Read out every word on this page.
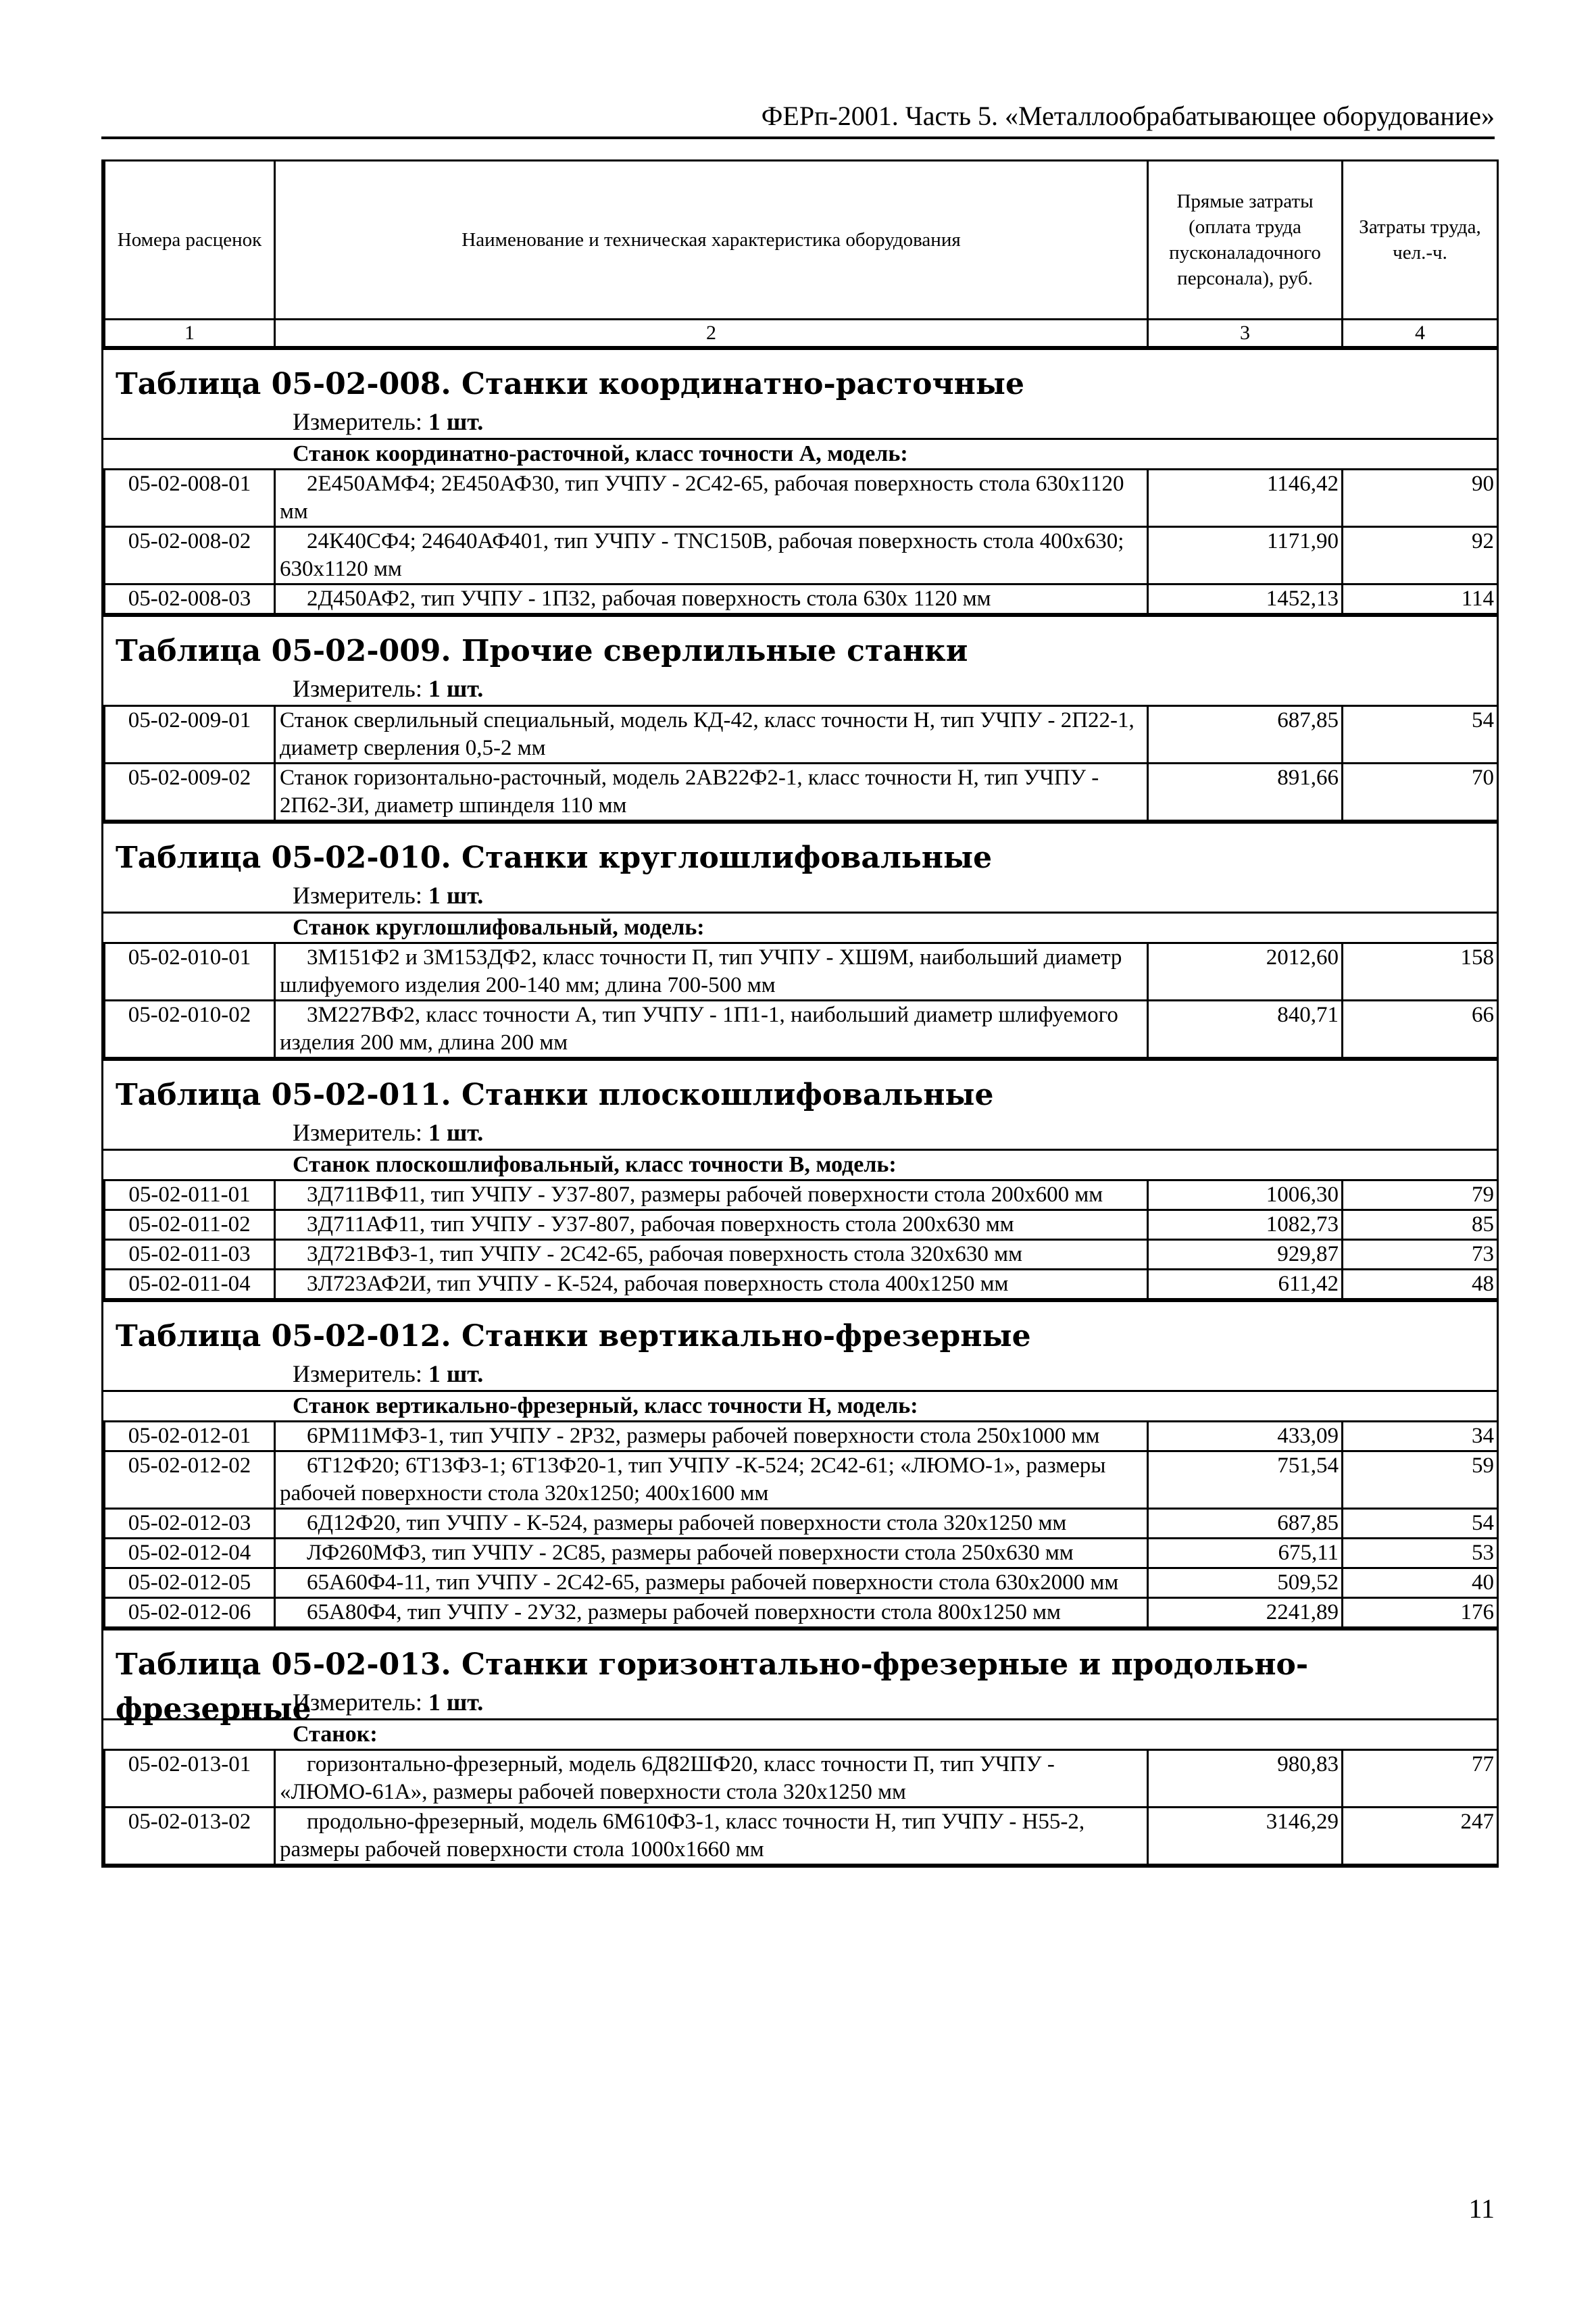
ФЕРп-2001. Часть 5. «Металлообрабатывающее оборудование»
Номера расценок	Наименование и техническая характеристика оборудования	Прямые затраты (оплата труда пусконаладочного персонала), руб.	Затраты труда, чел.-ч.
1	2	3	4
Таблица 05-02-008. Станки координатно-расточные
Измеритель: 1 шт.
Станок координатно-расточной, класс точности А, модель:
05-02-008-01	2Е450АМФ4; 2Е450АФ30, тип УЧПУ - 2С42-65, рабочая поверхность стола 630х1120 мм	1146,42	90
05-02-008-02	24К40СФ4; 24640АФ401, тип УЧПУ - TNC150B, рабочая поверхность стола 400х630; 630х1120 мм	1171,90	92
05-02-008-03	2Д450АФ2, тип УЧПУ - 1П32, рабочая поверхность стола 630х 1120 мм	1452,13	114
Таблица 05-02-009. Прочие сверлильные станки
Измеритель: 1 шт.
05-02-009-01	Станок сверлильный специальный, модель КД-42, класс точности Н, тип УЧПУ - 2П22-1, диаметр сверления 0,5-2 мм	687,85	54
05-02-009-02	Станок горизонтально-расточный, модель 2АВ22Ф2-1, класс точности Н, тип УЧПУ - 2П62-3И, диаметр шпинделя 110 мм	891,66	70
Таблица 05-02-010. Станки круглошлифовальные
Измеритель: 1 шт.
Станок круглошлифовальный, модель:
05-02-010-01	3М151Ф2 и 3М153ДФ2, класс точности П, тип УЧПУ - ХШ9М, наибольший диаметр шлифуемого изделия 200-140 мм; длина 700-500 мм	2012,60	158
05-02-010-02	3М227ВФ2, класс точности А, тип УЧПУ - 1П1-1, наибольший диаметр шлифуемого изделия 200 мм, длина 200 мм	840,71	66
Таблица 05-02-011. Станки плоскошлифовальные
Измеритель: 1 шт.
Станок плоскошлифовальный, класс точности В, модель:
05-02-011-01	3Д711ВФ11, тип УЧПУ - У37-807, размеры рабочей поверхности стола 200х600 мм	1006,30	79
05-02-011-02	3Д711АФ11, тип УЧПУ - У37-807, рабочая поверхность стола 200х630 мм	1082,73	85
05-02-011-03	3Д721ВФ3-1, тип УЧПУ - 2С42-65, рабочая поверхность стола 320х630 мм	929,87	73
05-02-011-04	3Л723АФ2И, тип УЧПУ - К-524, рабочая поверхность стола 400х1250 мм	611,42	48
Таблица 05-02-012. Станки вертикально-фрезерные
Измеритель: 1 шт.
Станок вертикально-фрезерный, класс точности Н, модель:
05-02-012-01	6РМ11МФ3-1, тип УЧПУ - 2Р32, размеры рабочей поверхности стола 250х1000 мм	433,09	34
05-02-012-02	6Т12Ф20; 6Т13Ф3-1; 6Т13Ф20-1, тип УЧПУ -К-524; 2С42-61; «ЛЮМО-1», размеры рабочей поверхности стола 320х1250; 400х1600 мм	751,54	59
05-02-012-03	6Д12Ф20, тип УЧПУ - К-524, размеры рабочей поверхности стола 320х1250 мм	687,85	54
05-02-012-04	ЛФ260МФ3, тип УЧПУ - 2С85, размеры рабочей поверхности стола 250х630 мм	675,11	53
05-02-012-05	65А60Ф4-11, тип УЧПУ - 2С42-65, размеры рабочей поверхности стола 630х2000 мм	509,52	40
05-02-012-06	65А80Ф4, тип УЧПУ - 2У32, размеры рабочей поверхности стола 800х1250 мм	2241,89	176
Таблица 05-02-013. Станки горизонтально-фрезерные и продольно-фрезерные
Измеритель: 1 шт.
Станок:
05-02-013-01	горизонтально-фрезерный, модель 6Д82ШФ20, класс точности П, тип УЧПУ - «ЛЮМО-61А», размеры рабочей поверхности стола 320х1250 мм	980,83	77
05-02-013-02	продольно-фрезерный, модель 6М610Ф3-1, класс точности Н, тип УЧПУ - Н55-2, размеры рабочей поверхности стола 1000х1660 мм	3146,29	247
11
